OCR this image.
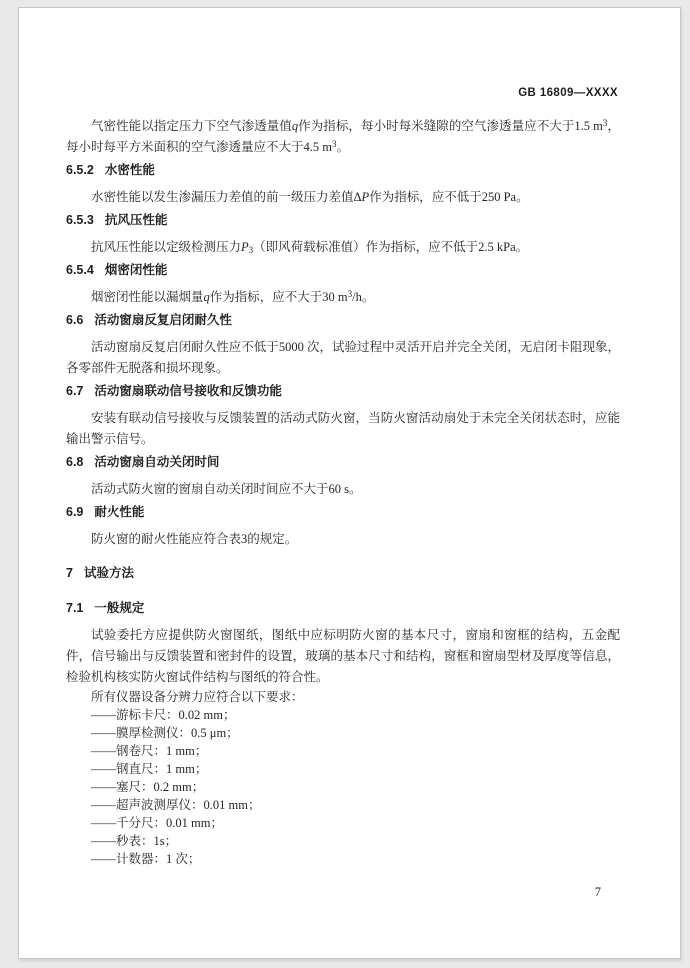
GB 16809—XXXX
气密性能以指定压力下空气渗透量值q作为指标，每小时每米缝隙的空气渗透量应不大于1.5 $m^3$，每小时每平方米面积的空气渗透量应不大于4.5 $m^3$。
6.5.2 水密性能
水密性能以发生渗漏压力差值的前一级压力差值ΔP作为指标，应不低于250 Pa。
6.5.3 抗风压性能
抗风压性能以定级检测压力$P_3$（即风荷载标准值）作为指标，应不低于2.5 kPa。
6.5.4 烟密闭性能
烟密闭性能以漏烟量q作为指标，应不大于30 $m^3/h$。
6.6 活动窗扇反复启闭耐久性
活动窗扇反复启闭耐久性应不低于5000 次，试验过程中灵活开启并完全关闭，无启闭卡阻现象，各零部件无脱落和损坏现象。
6.7 活动窗扇联动信号接收和反馈功能
安装有联动信号接收与反馈装置的活动式防火窗，当防火窗活动扇处于未完全关闭状态时，应能输出警示信号。
6.8 活动窗扇自动关闭时间
活动式防火窗的窗扇自动关闭时间应不大于60 s。
6.9 耐火性能
防火窗的耐火性能应符合表3的规定。
7 试验方法
7.1 一般规定
试验委托方应提供防火窗图纸，图纸中应标明防火窗的基本尺寸，窗扇和窗框的结构，五金配件，信号输出与反馈装置和密封件的设置，玻璃的基本尺寸和结构，窗框和窗扇型材及厚度等信息，检验机构核实防火窗试件结构与图纸的符合性。
所有仪器设备分辨力应符合以下要求：
——游标卡尺：0.02 mm；
——膜厚检测仪：0.5 μm；
——钢卷尺：1 mm；
——钢直尺：1 mm；
——塞尺：0.2 mm；
——超声波测厚仪：0.01 mm；
——千分尺：0.01 mm；
——秒表：1s；
——计数器：1 次；
7
